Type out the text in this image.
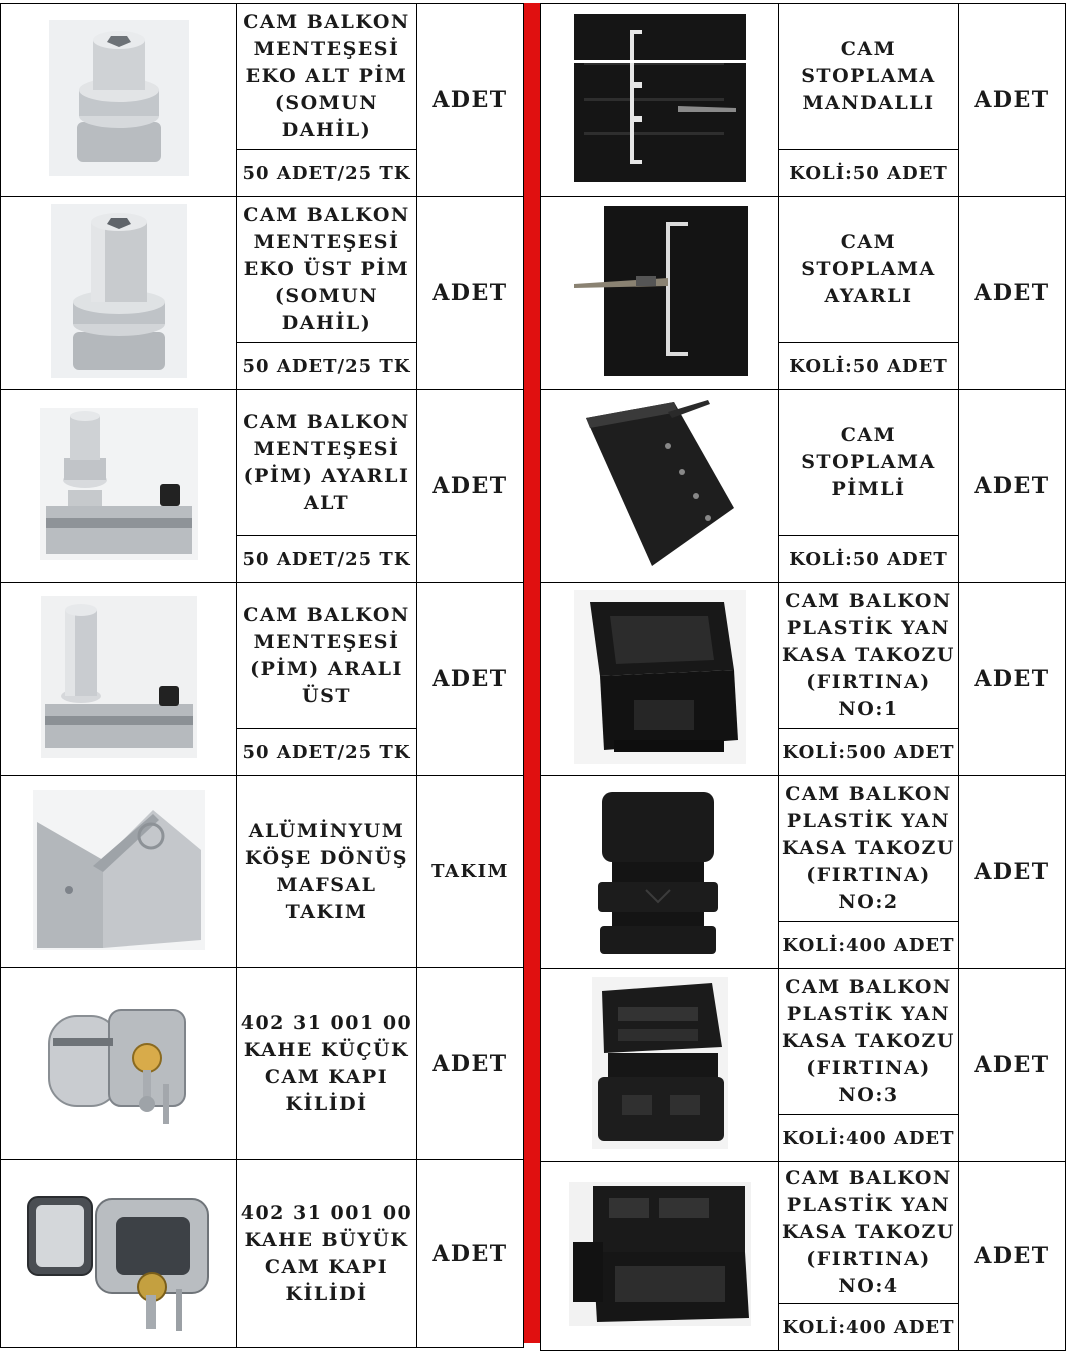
CAM BALKON
MENTEŞESİ
EKO ALT PİM
(SOMUN DAHİL)	ADET
	50 ADET/25 TK	

CAM BALKON
MENTEŞESİ
EKO ÜST PİM
(SOMUN DAHİL)	ADET
	50 ADET/25 TK	

CAM BALKON
MENTEŞESİ
(PİM) AYARLI
ALT	ADET
	50 ADET/25 TK	

CAM BALKON
MENTEŞESİ
(PİM) ARALI ÜST	ADET
	50 ADET/25 TK	

ALÜMİNYUM
KÖŞE DÖNÜŞ
MAFSAL TAKIM	TAKIM

402 31 001 00
KAHE KÜÇÜK
CAM KAPI
KİLİDİ	ADET

402 31 001 00
KAHE BÜYÜK
CAM KAPI
KİLİDİ	ADET

CAM
STOPLAMA
MANDALLI	ADET
	KOLİ:50 ADET	

CAM
STOPLAMA
AYARLI	ADET
	KOLİ:50 ADET	

CAM
STOPLAMA
PİMLİ	ADET
	KOLİ:50 ADET	

CAM BALKON
PLASTİK YAN
KASA TAKOZU
(FIRTINA) NO:1	ADET
	KOLİ:500 ADET	

CAM BALKON
PLASTİK YAN
KASA TAKOZU
(FIRTINA) NO:2	ADET
	KOLİ:400 ADET	

CAM BALKON
PLASTİK YAN
KASA TAKOZU
(FIRTINA) NO:3	ADET
	KOLİ:400 ADET	

CAM BALKON
PLASTİK YAN
KASA TAKOZU
(FIRTINA) NO:4	ADET
	KOLİ:400 ADET	
